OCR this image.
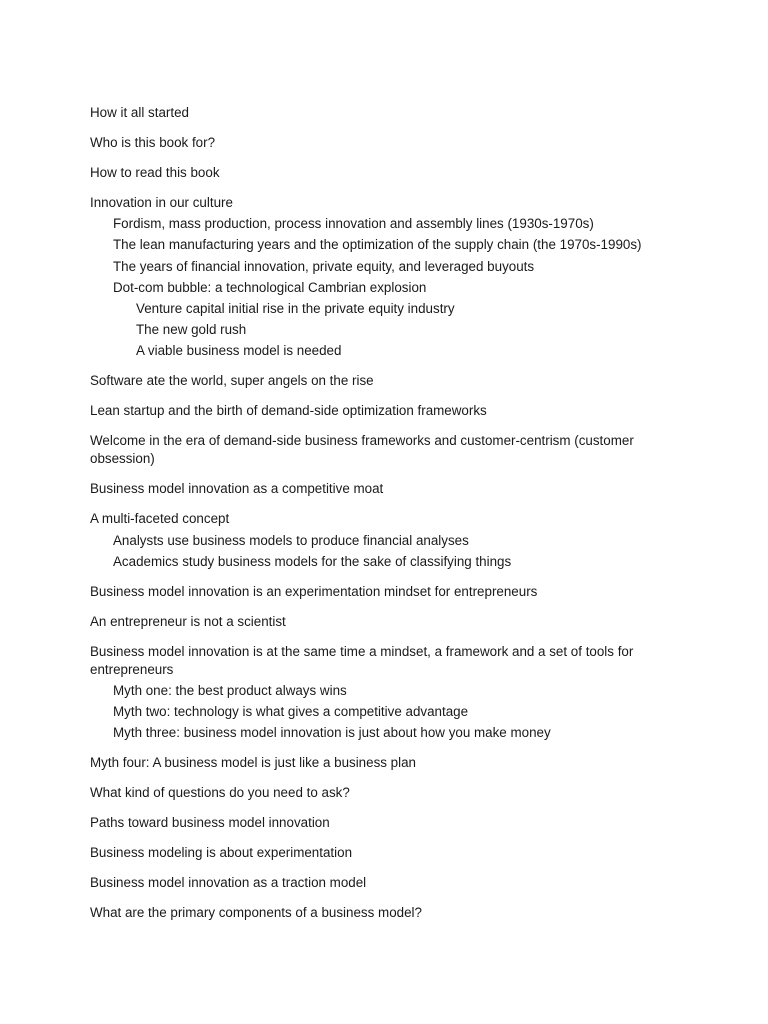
How it all started
Who is this book for?
How to read this book
Innovation in our culture
Fordism, mass production, process innovation and assembly lines (1930s-1970s)
The lean manufacturing years and the optimization of the supply chain (the 1970s-1990s)
The years of financial innovation, private equity, and leveraged buyouts
Dot-com bubble: a technological Cambrian explosion
Venture capital initial rise in the private equity industry
The new gold rush
A viable business model is needed
Software ate the world, super angels on the rise
Lean startup and the birth of demand-side optimization frameworks
Welcome in the era of demand-side business frameworks and customer-centrism (customer obsession)
Business model innovation as a competitive moat
A multi-faceted concept
Analysts use business models to produce financial analyses
Academics study business models for the sake of classifying things
Business model innovation is an experimentation mindset for entrepreneurs
An entrepreneur is not a scientist
Business model innovation is at the same time a mindset, a framework and a set of tools for entrepreneurs
Myth one: the best product always wins
Myth two: technology is what gives a competitive advantage
Myth three: business model innovation is just about how you make money
Myth four: A business model is just like a business plan
What kind of questions do you need to ask?
Paths toward business model innovation
Business modeling is about experimentation
Business model innovation as a traction model
What are the primary components of a business model?
